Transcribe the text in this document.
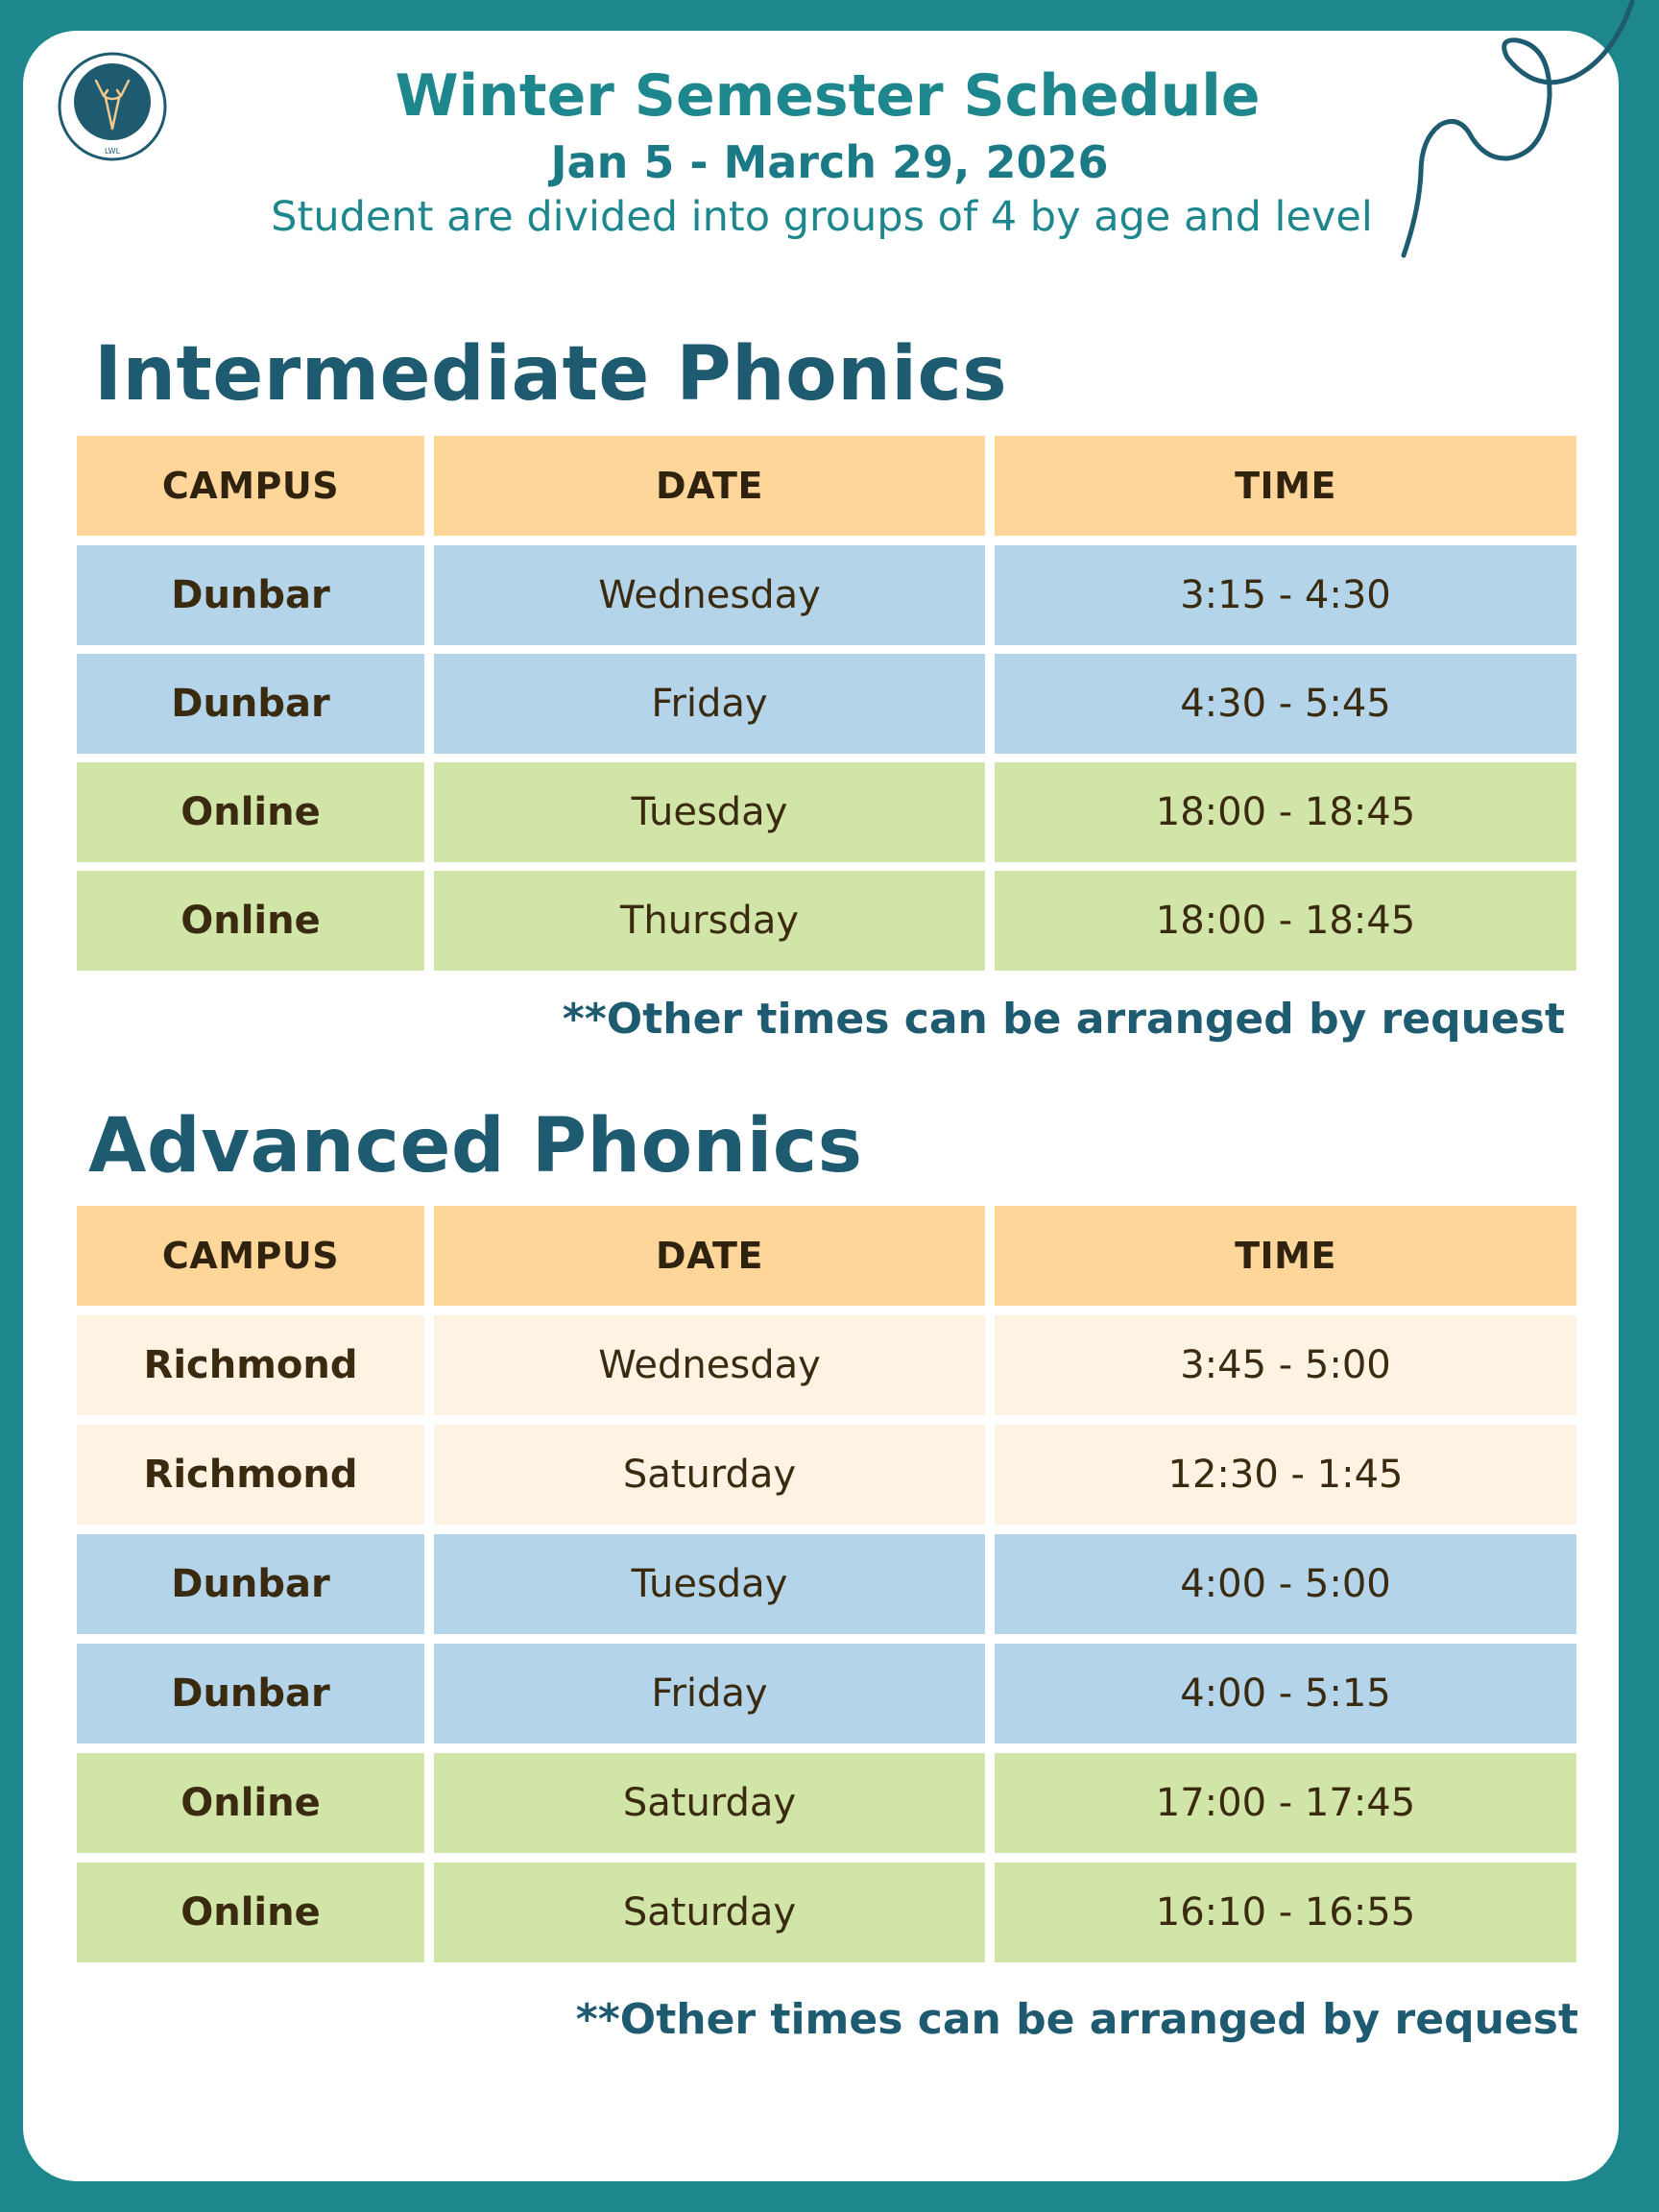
LWL
Winter Semester Schedule
Jan 5 - March 29, 2026
Student are divided into groups of 4 by age and level
Intermediate Phonics
CAMPUS	DATE	TIME
Dunbar	Wednesday	3:15 - 4:30
Dunbar	Friday	4:30 - 5:45
Online	Tuesday	18:00 - 18:45
Online	Thursday	18:00 - 18:45
**Other times can be arranged by request
Advanced Phonics
CAMPUS	DATE	TIME
Richmond	Wednesday	3:45 - 5:00
Richmond	Saturday	12:30 - 1:45
Dunbar	Tuesday	4:00 - 5:00
Dunbar	Friday	4:00 - 5:15
Online	Saturday	17:00 - 17:45
Online	Saturday	16:10 - 16:55
**Other times can be arranged by request
